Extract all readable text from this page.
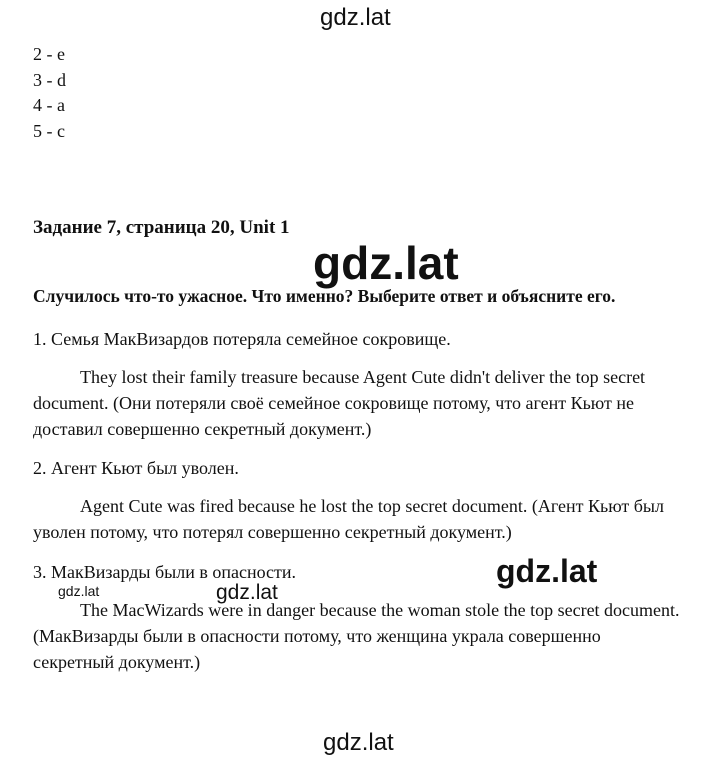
gdz.lat
2 - e
3 - d
4 - a
5 - c
Задание 7, страница 20, Unit 1
Случилось что-то ужасное. Что именно? Выберите ответ и объясните его.

1. Семья МакВизардов потеряла семейное сокровище.

They lost their family treasure because Agent Cute didn't deliver the top secret document. (Они потеряли своё семейное сокровище потому, что агент Кьют не доставил совершенно секретный документ.)

2. Агент Кьют был уволен.

Agent Cute was fired because he lost the top secret document. (Агент Кьют был уволен потому, что потерял совершенно секретный документ.)

3. МакВизарды были в опасности.

The MacWizards were in danger because the woman stole the top secret document. (МакВизарды были в опасности потому, что женщина украла совершенно секретный документ.)

gdz.lat
gdz.lat
gdz.lat	gdz.lat
gdz.lat
